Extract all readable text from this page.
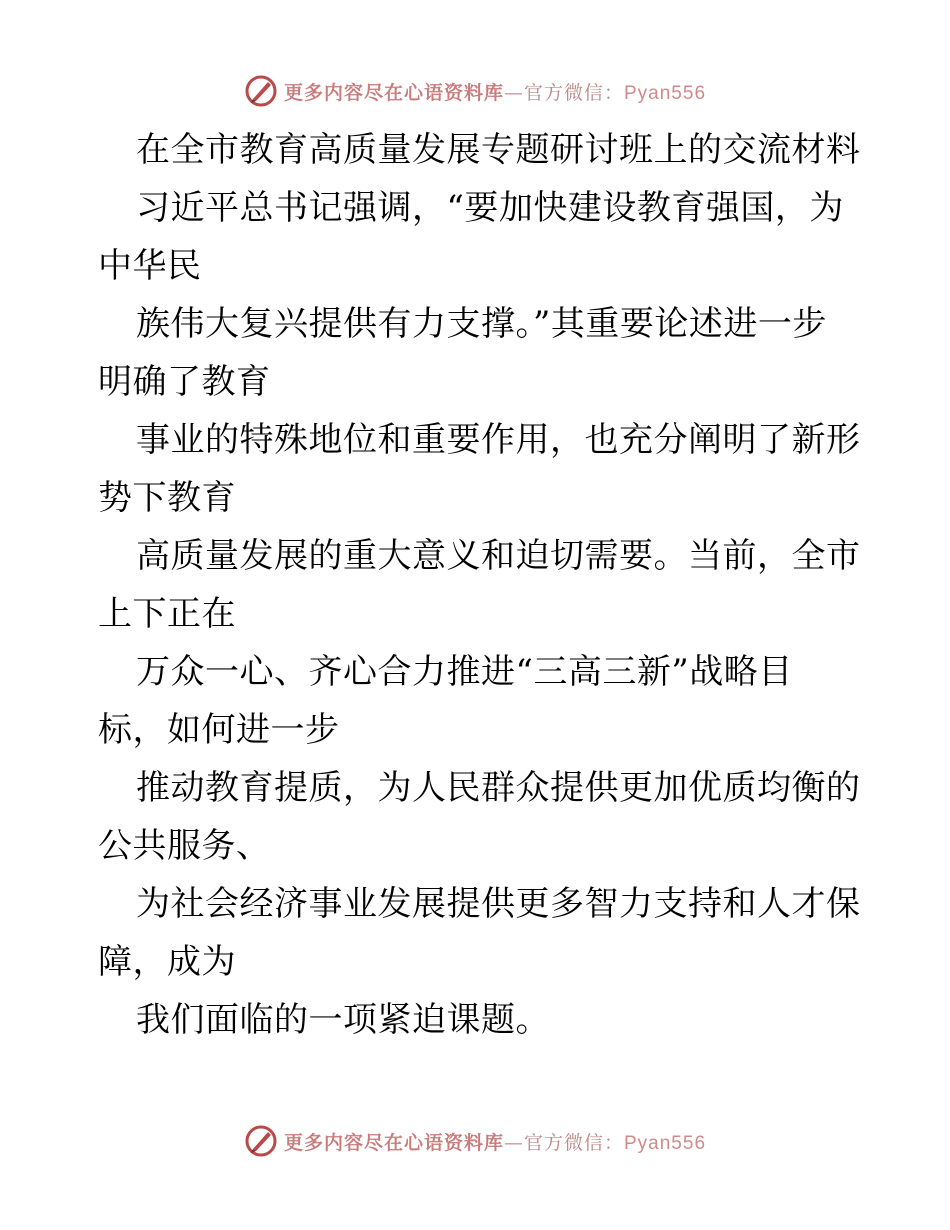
更多内容尽在心语资料库—官方微信：Pyan556
在全市教育高质量发展专题研讨班上的交流材料
习近平总书记强调，“要加快建设教育强国，为
中华民
族伟大复兴提供有力支撑。”其重要论述进一步
明确了教育
事业的特殊地位和重要作用，也充分阐明了新形
势下教育
高质量发展的重大意义和迫切需要。当前，全市
上下正在
万众一心、齐心合力推进“三高三新”战略目
标，如何进一步
推动教育提质，为人民群众提供更加优质均衡的
公共服务、
为社会经济事业发展提供更多智力支持和人才保
障，成为
我们面临的一项紧迫课题。
更多内容尽在心语资料库—官方微信：Pyan556
